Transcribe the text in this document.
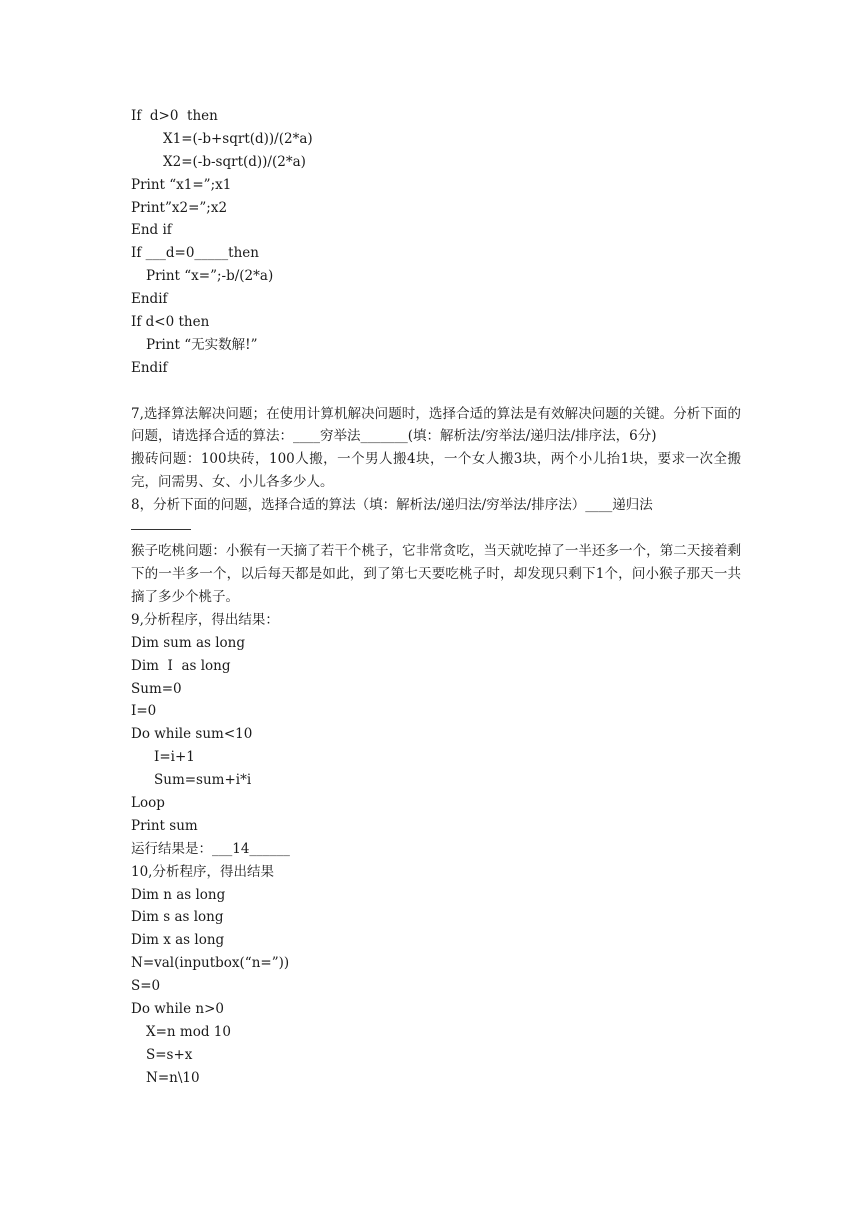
If  d>0  then
X1=(-b+sqrt(d))/(2*a)
X2=(-b-sqrt(d))/(2*a)
Print “x1=”;x1
Print”x2=”;x2
End if
If ___d=0_____then
Print “x=”;-b/(2*a)
Endif
If d<0 then
Print “无实数解!”
Endif

7,选择算法解决问题；在使用计算机解决问题时，选择合适的算法是有效解决问题的关键。分析下面的问题，请选择合适的算法：____穷举法_______(填：解析法/穷举法/递归法/排序法，6分)

搬砖问题：100块砖，100人搬，一个男人搬4块，一个女人搬3块，两个小儿抬1块，要求一次全搬完，问需男、女、小儿各多少人。

8，分析下面的问题，选择合适的算法（填：解析法/递归法/穷举法/排序法）____递归法

猴子吃桃问题：小猴有一天摘了若干个桃子，它非常贪吃，当天就吃掉了一半还多一个，第二天接着剩下的一半多一个，以后每天都是如此，到了第七天要吃桃子时，却发现只剩下1个，问小猴子那天一共摘了多少个桃子。

9,分析程序，得出结果：
Dim sum as long
Dim  I  as long
Sum=0
I=0
Do while sum<10
I=i+1
Sum=sum+i*i
Loop
Print sum
运行结果是：___14______
10,分析程序，得出结果
Dim n as long
Dim s as long
Dim x as long
N=val(inputbox(“n=”))
S=0
Do while n>0
X=n mod 10
S=s+x
N=n\10
